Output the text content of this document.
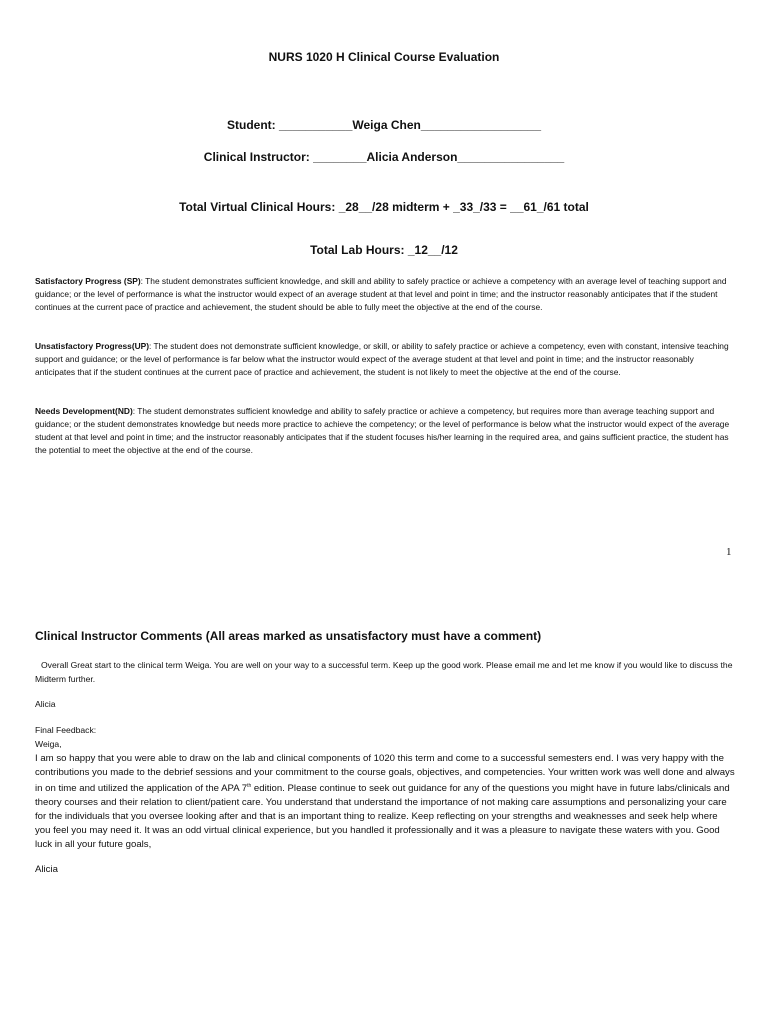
NURS 1020 H Clinical Course Evaluation
Student: ___________Weiga Chen__________________
Clinical Instructor: ________Alicia Anderson________________
Total Virtual Clinical Hours: _28__/28 midterm + _33_/33 = __61_/61 total
Total Lab Hours: _12__/12

Satisfactory Progress (SP): The student demonstrates sufficient knowledge, and skill and ability to safely practice or achieve a competency with an average level of teaching support and guidance; or the level of performance is what the instructor would expect of an average student at that level and point in time; and the instructor reasonably anticipates that if the student continues at the current pace of practice and achievement, the student should be able to fully meet the objective at the end of the course.

Unsatisfactory Progress(UP): The student does not demonstrate sufficient knowledge, or skill, or ability to safely practice or achieve a competency, even with constant, intensive teaching support and guidance; or the level of performance is far below what the instructor would expect of the average student at that level and point in time; and the instructor reasonably anticipates that if the student continues at the current pace of practice and achievement, the student is not likely to meet the objective at the end of the course.

Needs Development(ND): The student demonstrates sufficient knowledge and ability to safely practice or achieve a competency, but requires more than average teaching support and guidance; or the student demonstrates knowledge but needs more practice to achieve the competency; or the level of performance is below what the instructor would expect of the average student at that level and point in time; and the instructor reasonably anticipates that if the student focuses his/her learning in the required area, and gains sufficient practice, the student has the potential to meet the objective at the end of the course.

1
Clinical Instructor Comments (All areas marked as unsatisfactory must have a comment)

Overall Great start to the clinical term Weiga. You are well on your way to a successful term. Keep up the good work. Please email me and let me know if you would like to discuss the Midterm further.

Alicia
Final Feedback:
Weiga,

I am so happy that you were able to draw on the lab and clinical components of 1020 this term and come to a successful semesters end. I was very happy with the contributions you made to the debrief sessions and your commitment to the course goals, objectives, and competencies. Your written work was well done and always in on time and utilized the application of the APA 7th edition. Please continue to seek out guidance for any of the questions you might have in future labs/clinicals and theory courses and their relation to client/patient care. You understand that understand the importance of not making care assumptions and personalizing your care for the individuals that you oversee looking after and that is an important thing to realize. Keep reflecting on your strengths and weaknesses and seek help where you feel you may need it. It was an odd virtual clinical experience, but you handled it professionally and it was a pleasure to navigate these waters with you. Good luck in all your future goals,

Alicia
